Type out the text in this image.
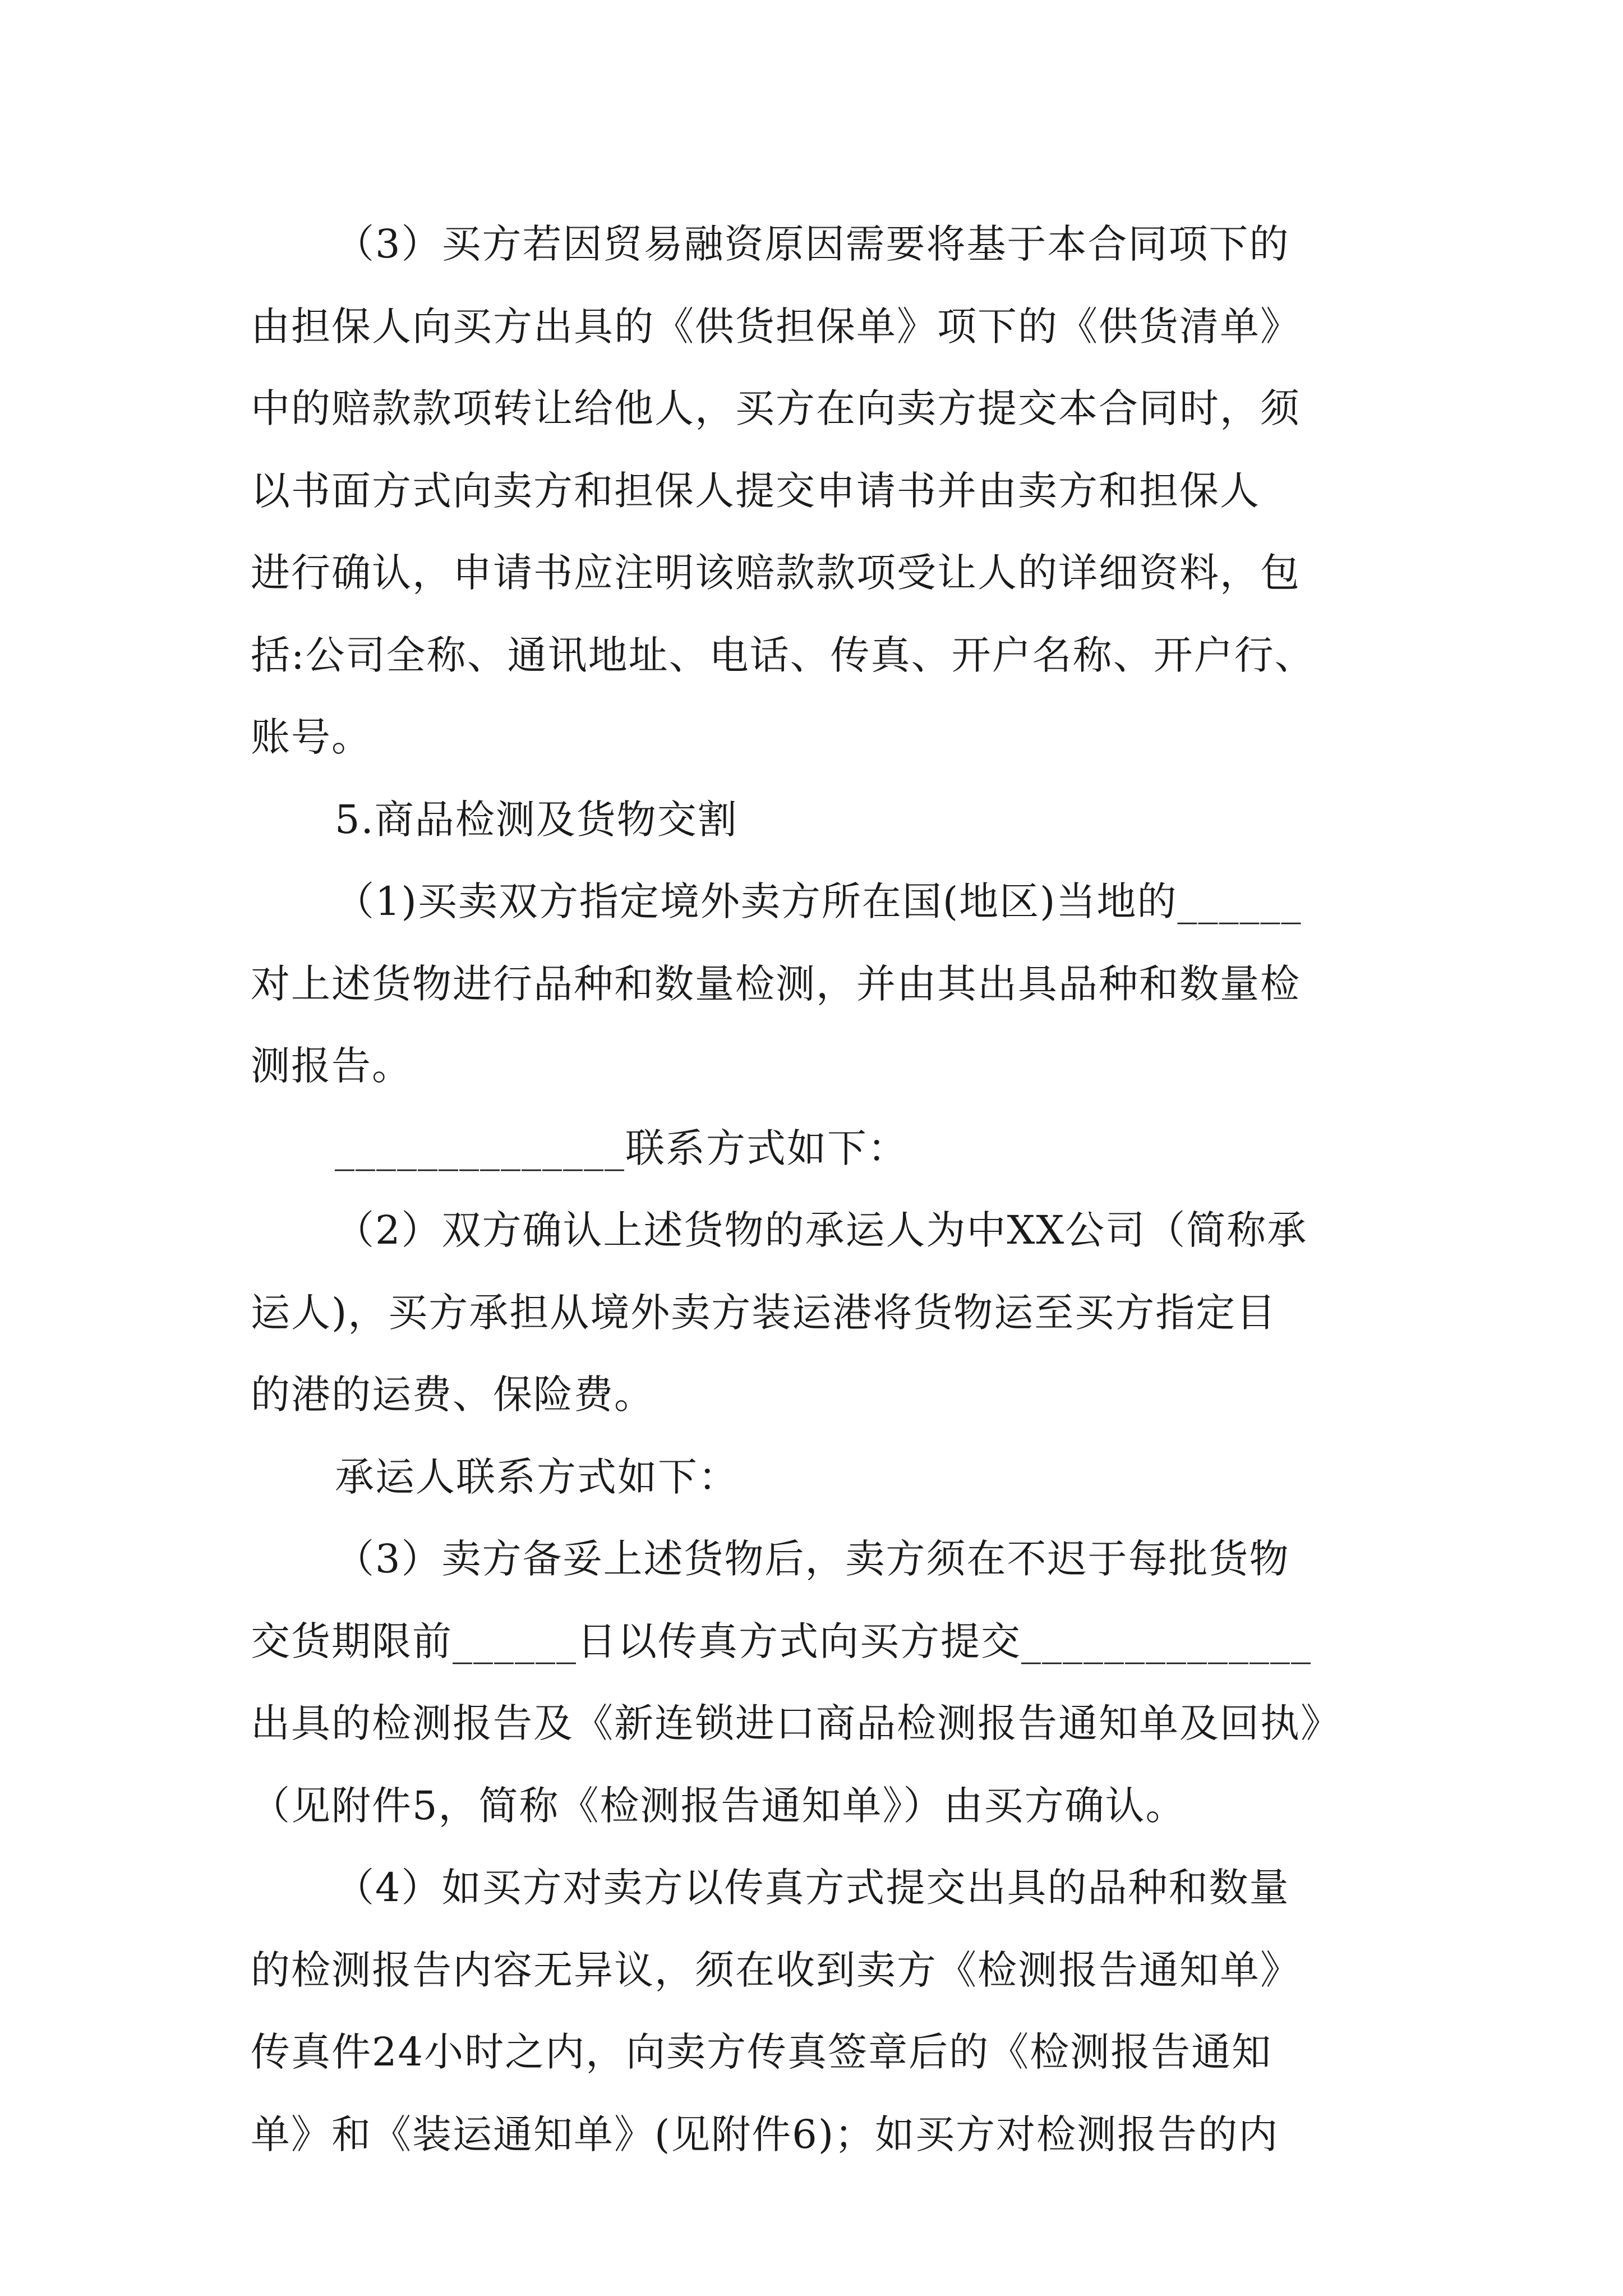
（3）买方若因贸易融资原因需要将基于本合同项下的
由担保人向买方出具的《供货担保单》项下的《供货清单》
中的赔款款项转让给他人，买方在向卖方提交本合同时，须
以书面方式向卖方和担保人提交申请书并由卖方和担保人
进行确认，申请书应注明该赔款款项受让人的详细资料，包
括:公司全称、通讯地址、电话、传真、开户名称、开户行、
账号。
5.商品检测及货物交割
（1)买卖双方指定境外卖方所在国(地区)当地的______
对上述货物进行品种和数量检测，并由其出具品种和数量检
测报告。
______________联系方式如下：
（2）双方确认上述货物的承运人为中XX公司（简称承
运人)，买方承担从境外卖方装运港将货物运至买方指定目
的港的运费、保险费。
承运人联系方式如下：
（3）卖方备妥上述货物后，卖方须在不迟于每批货物
交货期限前______日以传真方式向买方提交______________
出具的检测报告及《新连锁进口商品检测报告通知单及回执》
（见附件5，简称《检测报告通知单》）由买方确认。
（4）如买方对卖方以传真方式提交出具的品种和数量
的检测报告内容无异议，须在收到卖方《检测报告通知单》
传真件24小时之内，向卖方传真签章后的《检测报告通知
单》和《装运通知单》(见附件6)；如买方对检测报告的内
